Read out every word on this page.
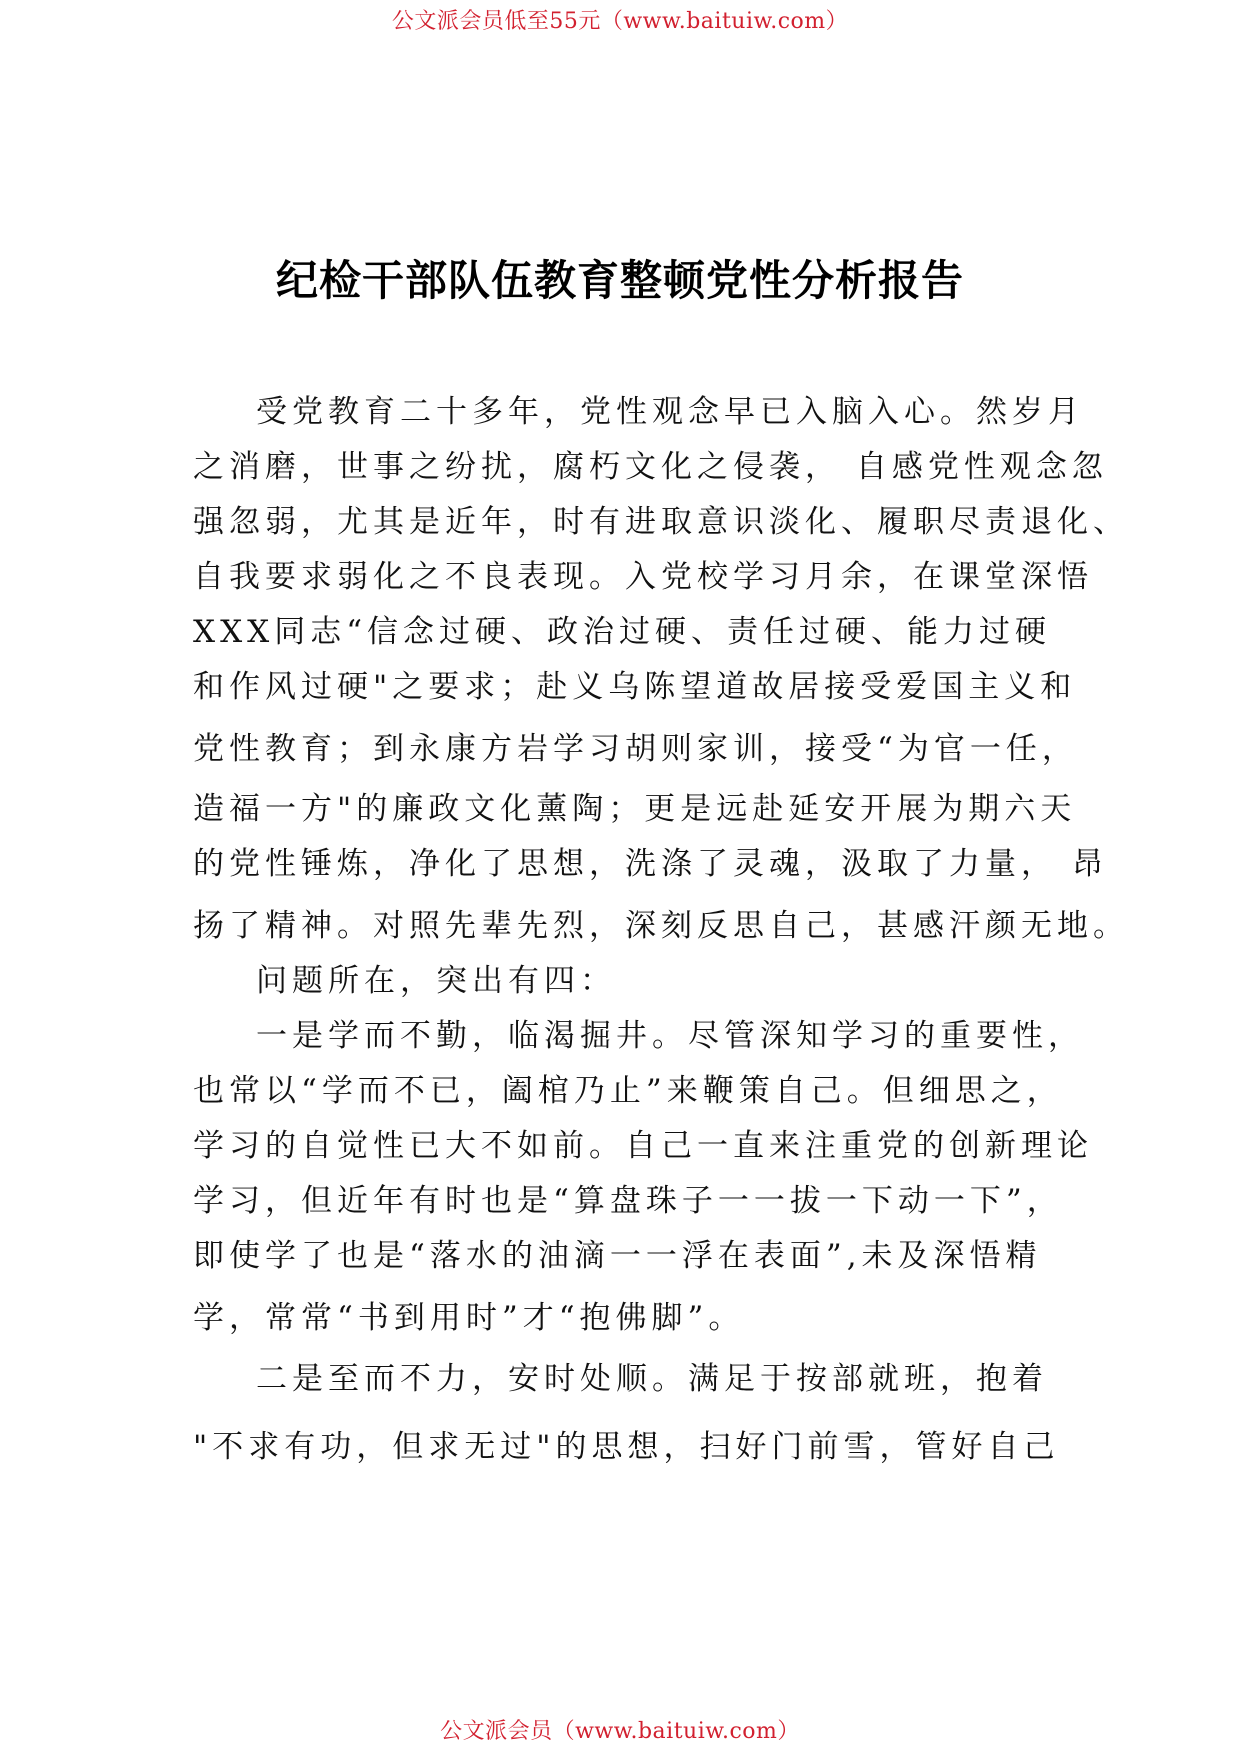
公文派会员低至55元（www.baituiw.com）
纪检干部队伍教育整顿党性分析报告
受党教育二十多年，党性观念早已入脑入心。然岁月
之消磨，世事之纷扰，腐朽文化之侵袭， 自感党性观念忽
强忽弱，尤其是近年，时有进取意识淡化、履职尽责退化、
自我要求弱化之不良表现。入党校学习月余，在课堂深悟
XXX同志“信念过硬、政治过硬、责任过硬、能力过硬
和作风过硬"之要求；赴义乌陈望道故居接受爱国主义和
党性教育；到永康方岩学习胡则家训，接受“为官一任，
造福一方"的廉政文化薰陶；更是远赴延安开展为期六天
的党性锤炼，净化了思想，洗涤了灵魂，汲取了力量， 昂
扬了精神。对照先辈先烈，深刻反思自己，甚感汗颜无地。
问题所在，突出有四：
一是学而不勤，临渴掘井。尽管深知学习的重要性，
也常以“学而不已，阖棺乃止”来鞭策自己。但细思之，
学习的自觉性已大不如前。自己一直来注重党的创新理论
学习，但近年有时也是“算盘珠子一一拔一下动一下”，
即使学了也是“落水的油滴一一浮在表面”,未及深悟精
学，常常“书到用时”才“抱佛脚”。
二是至而不力，安时处顺。满足于按部就班，抱着
"不求有功，但求无过"的思想，扫好门前雪，管好自己
公文派会员（www.baituiw.com）
